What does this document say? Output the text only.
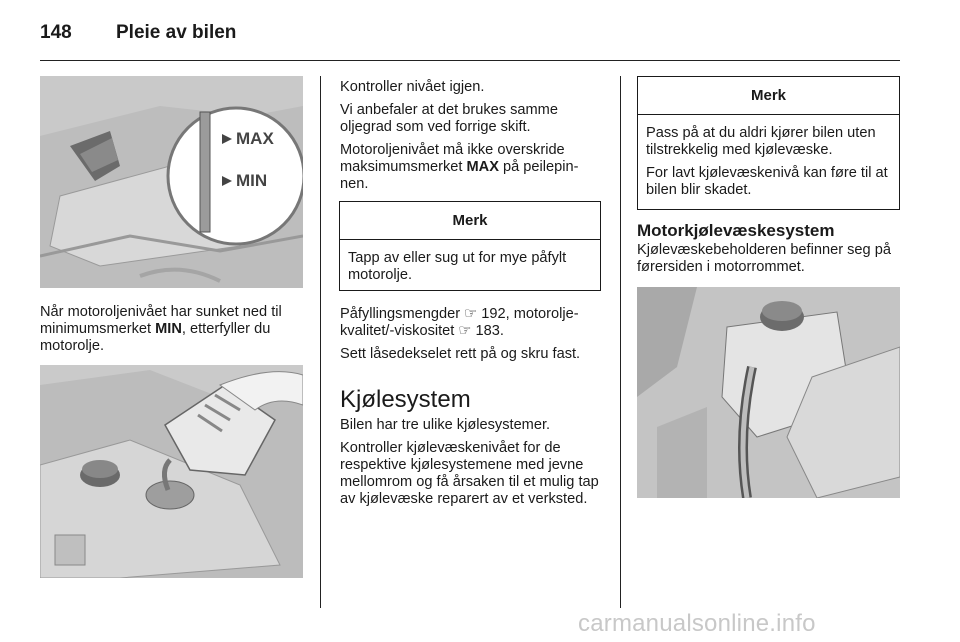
148 Pleie av bilen
MAX
MIN

Når motoroljenivået har sunket ned til minimumsmerket MIN, etterfyller du motorolje.

Kontroller nivået igjen.

Vi anbefaler at det brukes samme oljegrad som ved forrige skift.

Motoroljenivået må ikke overskride maksimumsmerket MAX på peilepin-nen.

Merk

Tapp av eller sug ut for mye påfylt motorolje.

Påfyllingsmengder ☞ 192, motorolje-kvalitet/-viskositet ☞ 183.

Sett låsedekselet rett på og skru fast.

Kjølesystem

Bilen har tre ulike kjølesystemer.

Kontroller kjølevæskenivået for de respektive kjølesystemene med jevne mellomrom og få årsaken til et mulig tap av kjølevæske reparert av et verksted.

Merk

Pass på at du aldri kjører bilen uten tilstrekkelig med kjølevæske.

For lavt kjølevæskenivå kan føre til at bilen blir skadet.

Motorkjølevæskesystem
Kjølevæskebeholderen befinner seg på førersiden i motorrommet.
carmanualsonline.info
